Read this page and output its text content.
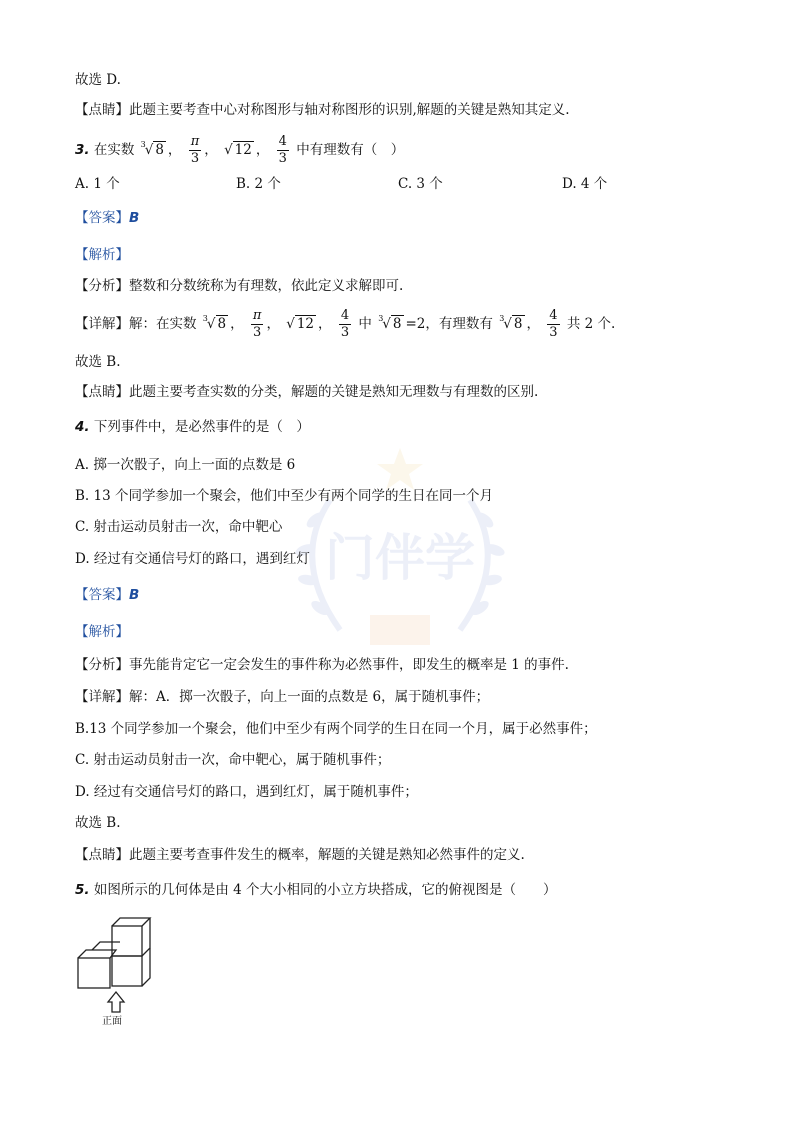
门伴学
故选 D.
【点睛】此题主要考查中心对称图形与轴对称图形的识别,解题的关键是熟知其定义.
3. 在实数 $^3$√ 8 ， $\frac{\pi}{3}$ ， √ 12 ， $\frac{4}{3}$ 中有理数有（　）
A. 1 个	B. 2 个	C. 3 个	D. 4 个
【答案】B
【解析】
【分析】整数和分数统称为有理数，依此定义求解即可.
【详解】解：在实数 $^3$√ 8 ， $\frac{\pi}{3}$ ， √ 12 ， $\frac{4}{3}$ 中 $^3$√ 8 =2，有理数有 $^3$√ 8 ， $\frac{4}{3}$ 共 2 个.
故选 B.
【点睛】此题主要考查实数的分类，解题的关键是熟知无理数与有理数的区别.
4. 下列事件中，是必然事件的是（　）
A. 掷一次骰子，向上一面的点数是 6
B. 13 个同学参加一个聚会，他们中至少有两个同学的生日在同一个月
C. 射击运动员射击一次，命中靶心
D. 经过有交通信号灯的路口，遇到红灯
【答案】B
【解析】
【分析】事先能肯定它一定会发生的事件称为必然事件，即发生的概率是 1 的事件.
【详解】解：A．掷一次骰子，向上一面的点数是 6，属于随机事件；
B.13 个同学参加一个聚会，他们中至少有两个同学的生日在同一个月，属于必然事件；
C. 射击运动员射击一次，命中靶心，属于随机事件；
D. 经过有交通信号灯的路口，遇到红灯，属于随机事件；
故选 B.
【点睛】此题主要考查事件发生的概率，解题的关键是熟知必然事件的定义.
5. 如图所示的几何体是由 4 个大小相同的小立方块搭成，它的俯视图是（　　）
正面
